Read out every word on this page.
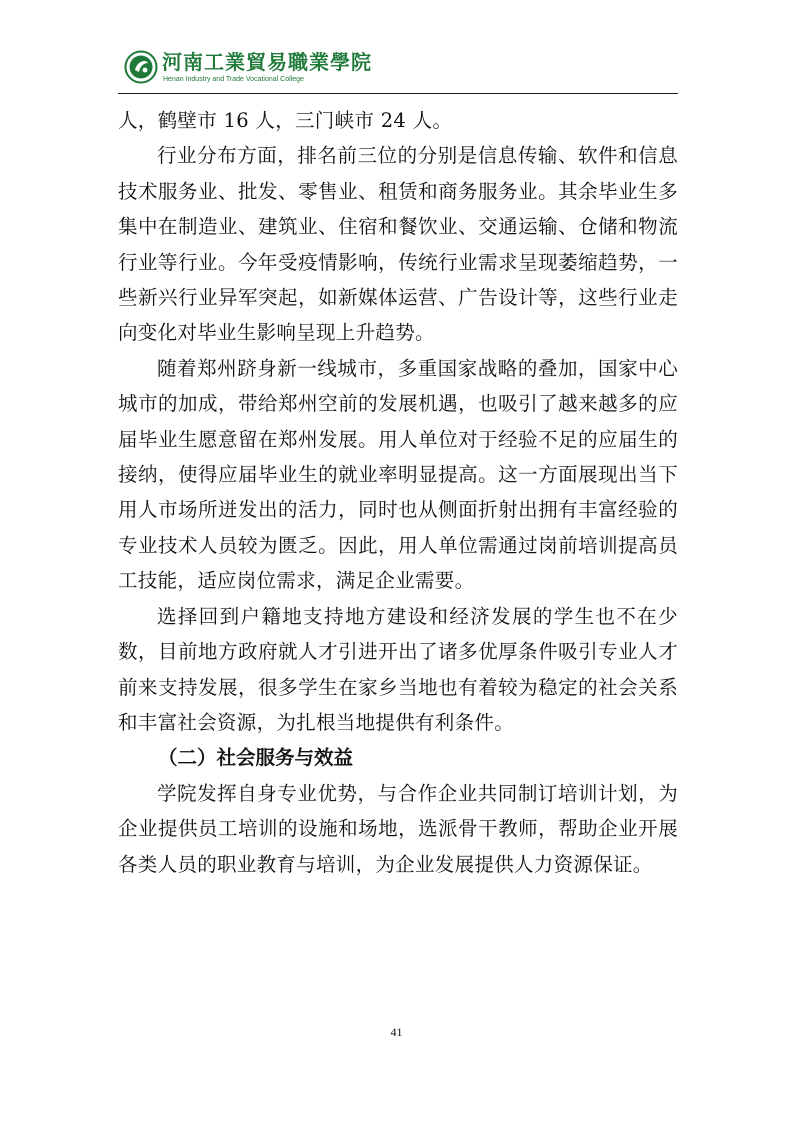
河南工業貿易職業學院
Henan Industry and Trade Vocational College

人，鹤壁市 16 人，三门峡市 24 人。

行业分布方面，排名前三位的分别是信息传输、软件和信息技术服务业、批发、零售业、租赁和商务服务业。其余毕业生多集中在制造业、建筑业、住宿和餐饮业、交通运输、仓储和物流行业等行业。今年受疫情影响，传统行业需求呈现萎缩趋势，一些新兴行业异军突起，如新媒体运营、广告设计等，这些行业走向变化对毕业生影响呈现上升趋势。

随着郑州跻身新一线城市，多重国家战略的叠加，国家中心城市的加成，带给郑州空前的发展机遇，也吸引了越来越多的应届毕业生愿意留在郑州发展。用人单位对于经验不足的应届生的接纳，使得应届毕业生的就业率明显提高。这一方面展现出当下用人市场所迸发出的活力，同时也从侧面折射出拥有丰富经验的专业技术人员较为匮乏。因此，用人单位需通过岗前培训提高员工技能，适应岗位需求，满足企业需要。

选择回到户籍地支持地方建设和经济发展的学生也不在少数，目前地方政府就人才引进开出了诸多优厚条件吸引专业人才前来支持发展，很多学生在家乡当地也有着较为稳定的社会关系和丰富社会资源，为扎根当地提供有利条件。

（二）社会服务与效益

学院发挥自身专业优势，与合作企业共同制订培训计划，为企业提供员工培训的设施和场地，选派骨干教师，帮助企业开展各类人员的职业教育与培训，为企业发展提供人力资源保证。

41
